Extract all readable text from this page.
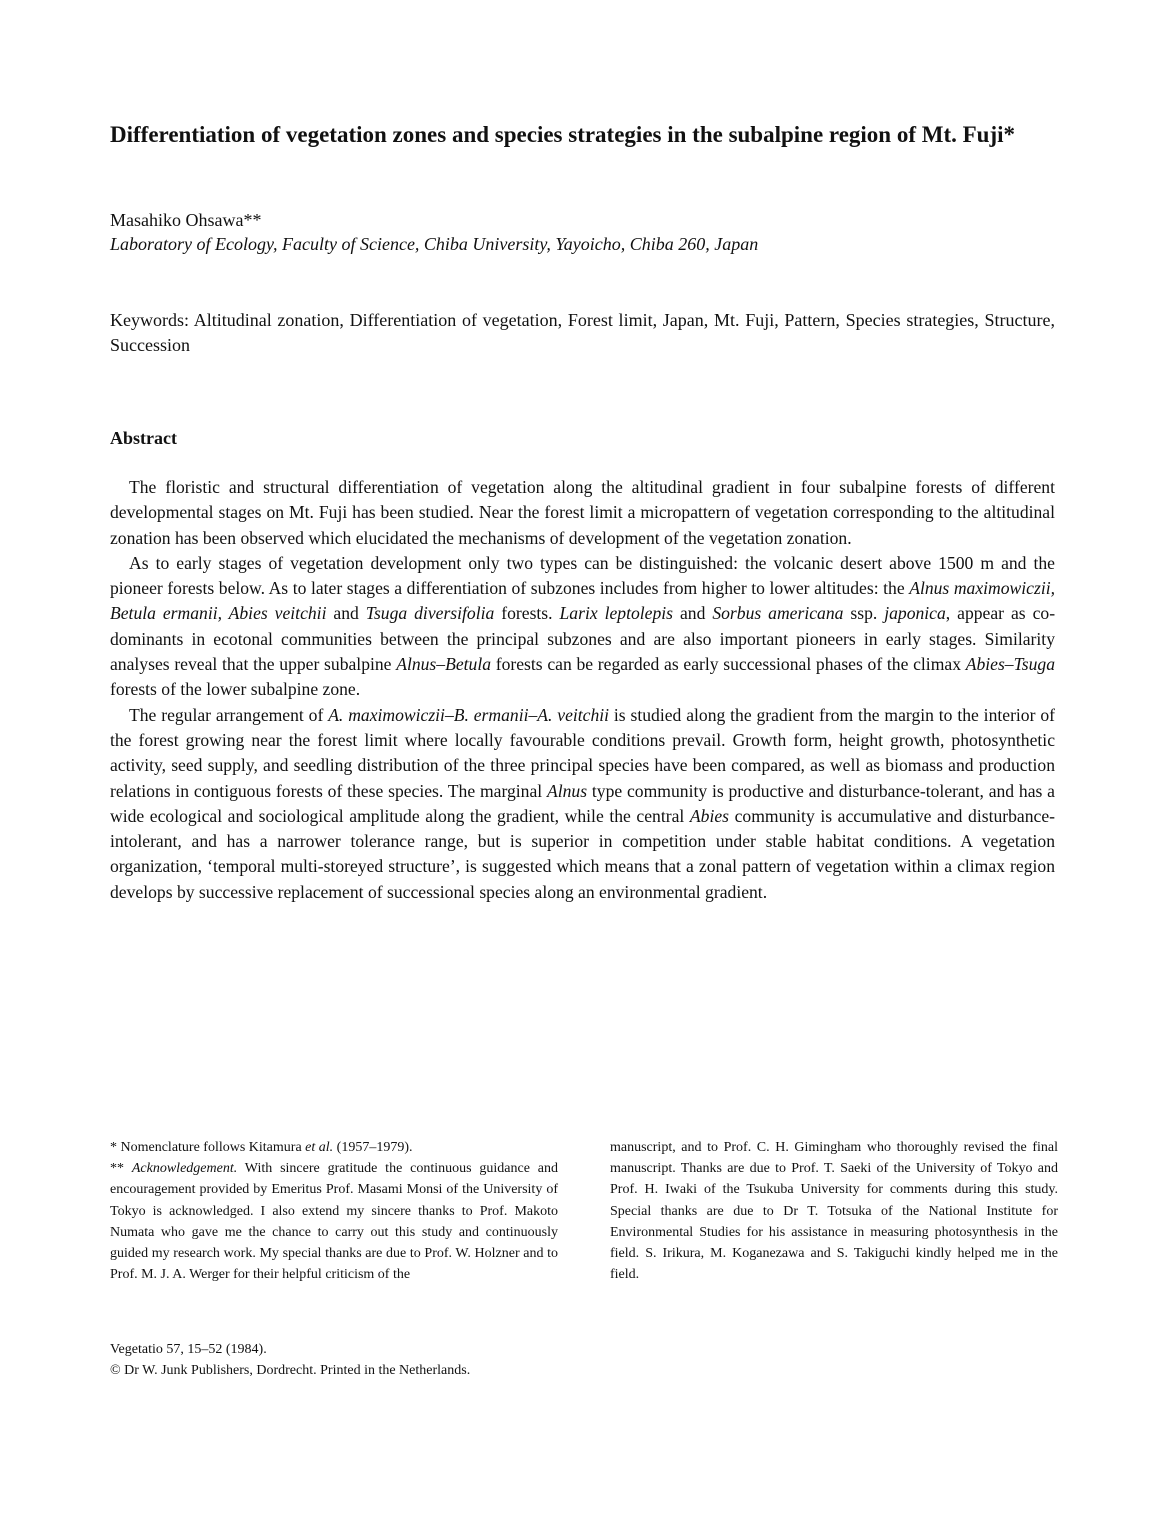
Differentiation of vegetation zones and species strategies in the subalpine region of Mt. Fuji*
Masahiko Ohsawa**
Laboratory of Ecology, Faculty of Science, Chiba University, Yayoicho, Chiba 260, Japan

Keywords: Altitudinal zonation, Differentiation of vegetation, Forest limit, Japan, Mt. Fuji, Pattern, Species strategies, Structure, Succession

Abstract

The floristic and structural differentiation of vegetation along the altitudinal gradient in four subalpine forests of different developmental stages on Mt. Fuji has been studied. Near the forest limit a micropattern of vegetation corresponding to the altitudinal zonation has been observed which elucidated the mechanisms of development of the vegetation zonation.

As to early stages of vegetation development only two types can be distinguished: the volcanic desert above 1500 m and the pioneer forests below. As to later stages a differentiation of subzones includes from higher to lower altitudes: the Alnus maximowiczii, Betula ermanii, Abies veitchii and Tsuga diversifolia forests. Larix leptolepis and Sorbus americana ssp. japonica, appear as co-dominants in ecotonal communities between the principal subzones and are also important pioneers in early stages. Similarity analyses reveal that the upper subalpine Alnus–Betula forests can be regarded as early successional phases of the climax Abies–Tsuga forests of the lower subalpine zone.

The regular arrangement of A. maximowiczii–B. ermanii–A. veitchii is studied along the gradient from the margin to the interior of the forest growing near the forest limit where locally favourable conditions prevail. Growth form, height growth, photosynthetic activity, seed supply, and seedling distribution of the three principal species have been compared, as well as biomass and production relations in contiguous forests of these species. The marginal Alnus type community is productive and disturbance-tolerant, and has a wide ecological and sociological amplitude along the gradient, while the central Abies community is accumulative and disturbance-intolerant, and has a narrower tolerance range, but is superior in competition under stable habitat conditions. A vegetation organization, ‘temporal multi-storeyed structure’, is suggested which means that a zonal pattern of vegetation within a climax region develops by successive replacement of successional species along an environmental gradient.

* Nomenclature follows Kitamura et al. (1957–1979).

** Acknowledgement. With sincere gratitude the continuous guidance and encouragement provided by Emeritus Prof. Masami Monsi of the University of Tokyo is acknowledged. I also extend my sincere thanks to Prof. Makoto Numata who gave me the chance to carry out this study and continuously guided my research work. My special thanks are due to Prof. W. Holzner and to Prof. M. J. A. Werger for their helpful criticism of the

manuscript, and to Prof. C. H. Gimingham who thoroughly revised the final manuscript. Thanks are due to Prof. T. Saeki of the University of Tokyo and Prof. H. Iwaki of the Tsukuba University for comments during this study. Special thanks are due to Dr T. Totsuka of the National Institute for Environmental Studies for his assistance in measuring photosynthesis in the field. S. Irikura, M. Koganezawa and S. Takiguchi kindly helped me in the field.

Vegetatio 57, 15–52 (1984).
© Dr W. Junk Publishers, Dordrecht. Printed in the Netherlands.
